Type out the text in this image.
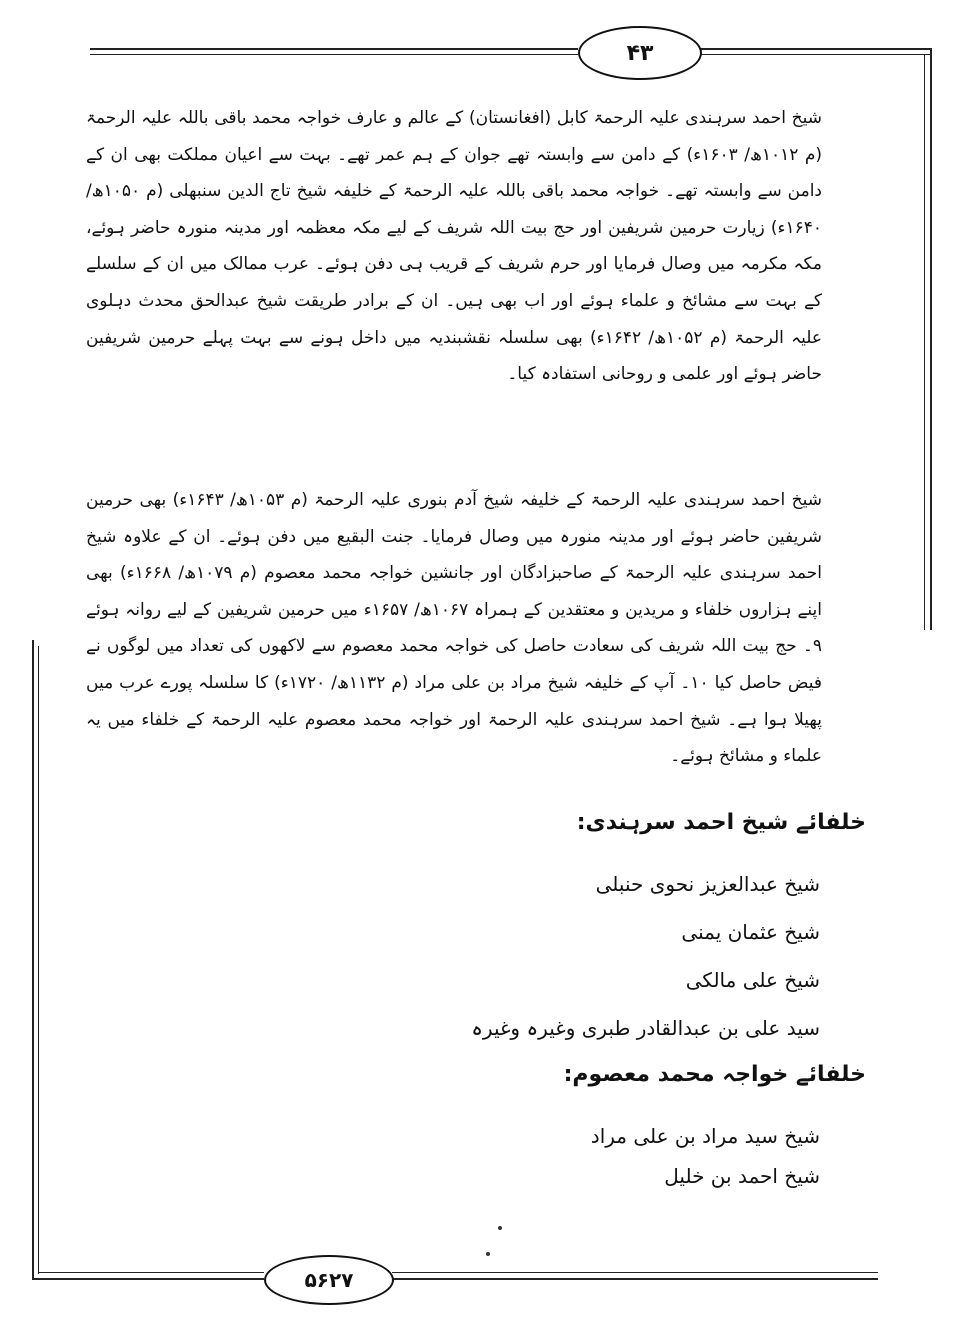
۴۳
۵۶۲۷

شیخ احمد سرہندی علیہ الرحمۃ کابل (افغانستان) کے عالم و عارف خواجہ محمد باقی باللہ علیہ الرحمۃ (م ۱۰۱۲ھ/ ۱۶۰۳ء) کے دامن سے وابستہ تھے جوان کے ہم عمر تھے۔ بہت سے اعیان مملکت بھی ان کے دامن سے وابستہ تھے۔ خواجہ محمد باقی باللہ علیہ الرحمۃ کے خلیفہ شیخ تاج الدین سنبھلی (م ۱۰۵۰ھ/ ۱۶۴۰ء) زیارت حرمین شریفین اور حج بیت اللہ شریف کے لیے مکہ معظمہ اور مدینہ منورہ حاضر ہوئے، مکہ مکرمہ میں وصال فرمایا اور حرم شریف کے قریب ہی دفن ہوئے۔ عرب ممالک میں ان کے سلسلے کے بہت سے مشائخ و علماء ہوئے اور اب بھی ہیں۔ ان کے برادر طریقت شیخ عبدالحق محدث دہلوی علیہ الرحمۃ (م ۱۰۵۲ھ/ ۱۶۴۲ء) بھی سلسلہ نقشبندیہ میں داخل ہونے سے بہت پہلے حرمین شریفین حاضر ہوئے اور علمی و روحانی استفادہ کیا۔

شیخ احمد سرہندی علیہ الرحمۃ کے خلیفہ شیخ آدم بنوری علیہ الرحمۃ (م ۱۰۵۳ھ/ ۱۶۴۳ء) بھی حرمین شریفین حاضر ہوئے اور مدینہ منورہ میں وصال فرمایا۔ جنت البقیع میں دفن ہوئے۔ ان کے علاوہ شیخ احمد سرہندی علیہ الرحمۃ کے صاحبزادگان اور جانشین خواجہ محمد معصوم (م ۱۰۷۹ھ/ ۱۶۶۸ء) بھی اپنے ہزاروں خلفاء و مریدین و معتقدین کے ہمراہ ۱۰۶۷ھ/ ۱۶۵۷ء میں حرمین شریفین کے لیے روانہ ہوئے ۹۔ حج بیت اللہ شریف کی سعادت حاصل کی خواجہ محمد معصوم سے لاکھوں کی تعداد میں لوگوں نے فیض حاصل کیا ۱۰۔ آپ کے خلیفہ شیخ مراد بن علی مراد (م ۱۱۳۲ھ/ ۱۷۲۰ء) کا سلسلہ پورے عرب میں پھیلا ہوا ہے۔ شیخ احمد سرہندی علیہ الرحمۃ اور خواجہ محمد معصوم علیہ الرحمۃ کے خلفاء میں یہ علماء و مشائخ ہوئے۔

خلفائے شیخ احمد سرہندی:
شیخ عبدالعزیز نحوی حنبلی
شیخ عثمان یمنی
شیخ علی مالکی
سید علی بن عبدالقادر طبری وغیرہ وغیرہ
خلفائے خواجہ محمد معصوم:
شیخ سید مراد بن علی مراد
شیخ احمد بن خلیل
